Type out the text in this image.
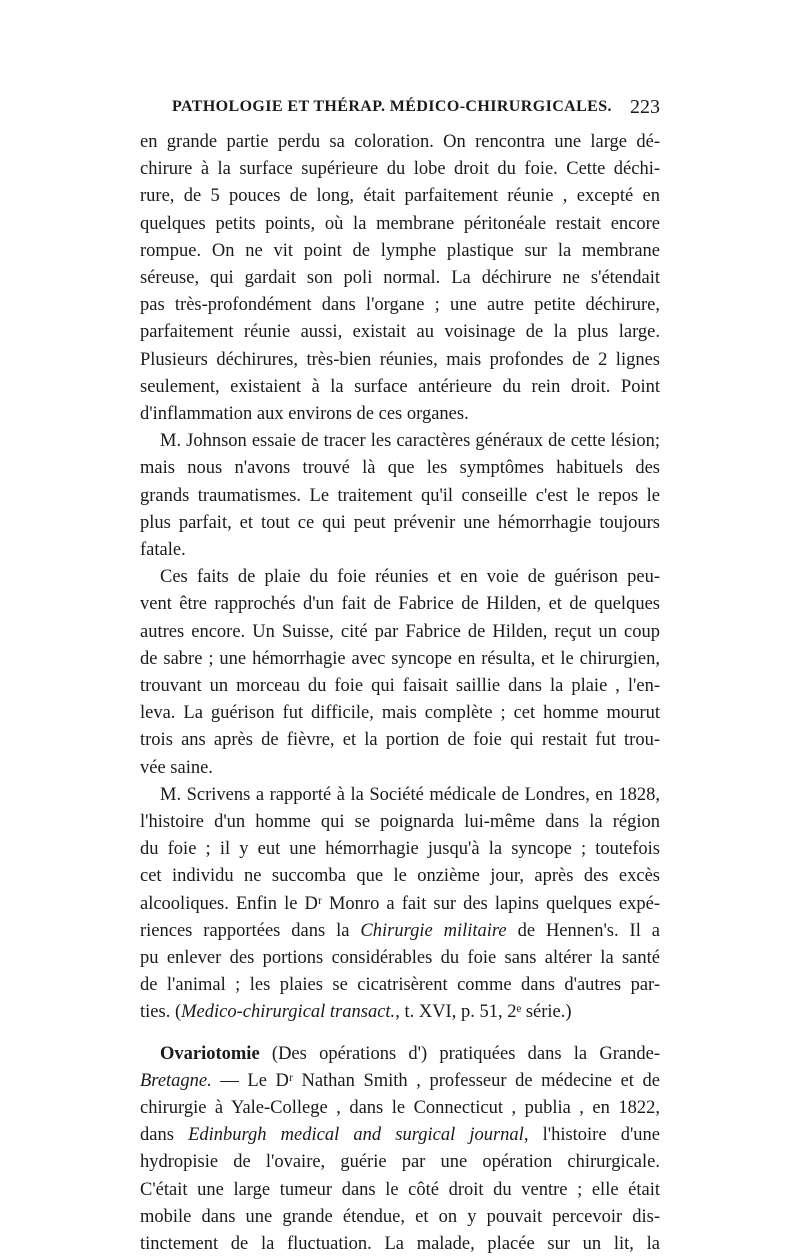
PATHOLOGIE ET THÉRAP. MÉDICO-CHIRURGICALES. 223
en grande partie perdu sa coloration. On rencontra une large dé-
chirure à la surface supérieure du lobe droit du foie. Cette déchi-
rure, de 5 pouces de long, était parfaitement réunie , excepté en
quelques petits points, où la membrane péritonéale restait encore
rompue. On ne vit point de lymphe plastique sur la membrane
séreuse, qui gardait son poli normal. La déchirure ne s'étendait
pas très-profondément dans l'organe ; une autre petite déchirure,
parfaitement réunie aussi, existait au voisinage de la plus large.
Plusieurs déchirures, très-bien réunies, mais profondes de 2 lignes
seulement, existaient à la surface antérieure du rein droit. Point
d'inflammation aux environs de ces organes.
M. Johnson essaie de tracer les caractères généraux de cette lésion;
mais nous n'avons trouvé là que les symptômes habituels des
grands traumatismes. Le traitement qu'il conseille c'est le repos le
plus parfait, et tout ce qui peut prévenir une hémorrhagie toujours
fatale.
Ces faits de plaie du foie réunies et en voie de guérison peu-
vent être rapprochés d'un fait de Fabrice de Hilden, et de quelques
autres encore. Un Suisse, cité par Fabrice de Hilden, reçut un coup
de sabre ; une hémorrhagie avec syncope en résulta, et le chirurgien,
trouvant un morceau du foie qui faisait saillie dans la plaie , l'en-
leva. La guérison fut difficile, mais complète ; cet homme mourut
trois ans après de fièvre, et la portion de foie qui restait fut trou-
vée saine.
M. Scrivens a rapporté à la Société médicale de Londres, en 1828,
l'histoire d'un homme qui se poignarda lui-même dans la région
du foie ; il y eut une hémorrhagie jusqu'à la syncope ; toutefois
cet individu ne succomba que le onzième jour, après des excès
alcooliques. Enfin le Dʳ Monro a fait sur des lapins quelques expé-
riences rapportées dans la Chirurgie militaire de Hennen's. Il a
pu enlever des portions considérables du foie sans altérer la santé
de l'animal ; les plaies se cicatrisèrent comme dans d'autres par-
ties. (Medico-chirurgical transact., t. XVI, p. 51, 2ᵉ série.)
Ovariotomie (Des opérations d') pratiquées dans la Grande-
Bretagne. — Le Dʳ Nathan Smith , professeur de médecine et de
chirurgie à Yale-College , dans le Connecticut , publia , en 1822,
dans Edinburgh medical and surgical journal, l'histoire d'une
hydropisie de l'ovaire, guérie par une opération chirurgicale.
C'était une large tumeur dans le côté droit du ventre ; elle était
mobile dans une grande étendue, et on y pouvait percevoir dis-
tinctement de la fluctuation. La malade, placée sur un lit, la
